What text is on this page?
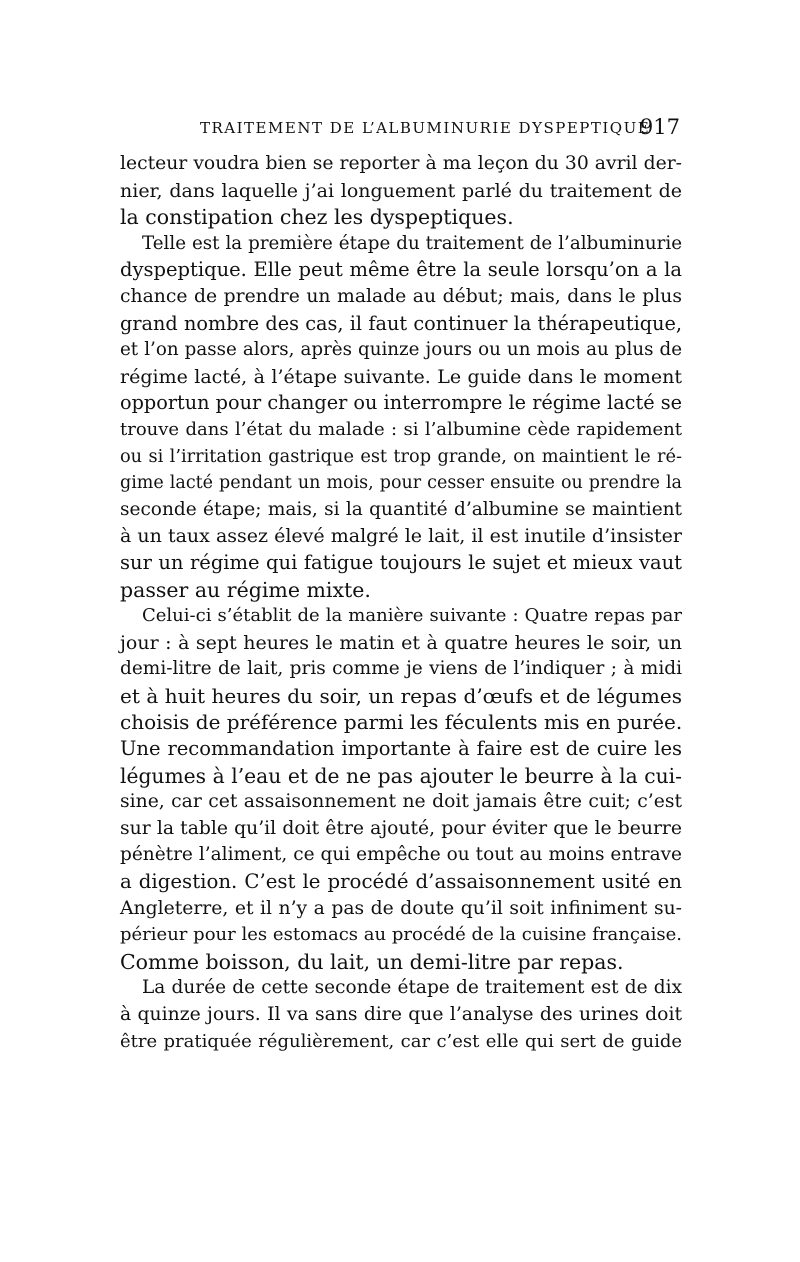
TRAITEMENT DE L’ALBUMINURIE DYSPEPTIQUE
917
lecteur voudra bien se reporter à ma leçon du 30 avril der-
nier, dans laquelle j’ai longuement parlé du traitement de
la constipation chez les dyspeptiques.
Telle est la première étape du traitement de l’albuminurie
dyspeptique. Elle peut même être la seule lorsqu’on a la
chance de prendre un malade au début; mais, dans le plus
grand nombre des cas, il faut continuer la thérapeutique,
et l’on passe alors, après quinze jours ou un mois au plus de
régime lacté, à l’étape suivante. Le guide dans le moment
opportun pour changer ou interrompre le régime lacté se
trouve dans l’état du malade : si l’albumine cède rapidement
ou si l’irritation gastrique est trop grande, on maintient le ré-
gime lacté pendant un mois, pour cesser ensuite ou prendre la
seconde étape; mais, si la quantité d’albumine se maintient
à un taux assez élevé malgré le lait, il est inutile d’insister
sur un régime qui fatigue toujours le sujet et mieux vaut
passer au régime mixte.
Celui-ci s’établit de la manière suivante : Quatre repas par
jour : à sept heures le matin et à quatre heures le soir, un
demi-litre de lait, pris comme je viens de l’indiquer ; à midi
et à huit heures du soir, un repas d’œufs et de légumes
choisis de préférence parmi les féculents mis en purée.
Une recommandation importante à faire est de cuire les
légumes à l’eau et de ne pas ajouter le beurre à la cui-
sine, car cet assaisonnement ne doit jamais être cuit; c’est
sur la table qu’il doit être ajouté, pour éviter que le beurre
pénètre l’aliment, ce qui empêche ou tout au moins entrave
a digestion. C’est le procédé d’assaisonnement usité en
Angleterre, et il n’y a pas de doute qu’il soit infiniment su-
périeur pour les estomacs au procédé de la cuisine française.
Comme boisson, du lait, un demi-litre par repas.
La durée de cette seconde étape de traitement est de dix
à quinze jours. Il va sans dire que l’analyse des urines doit
être pratiquée régulièrement, car c’est elle qui sert de guide
